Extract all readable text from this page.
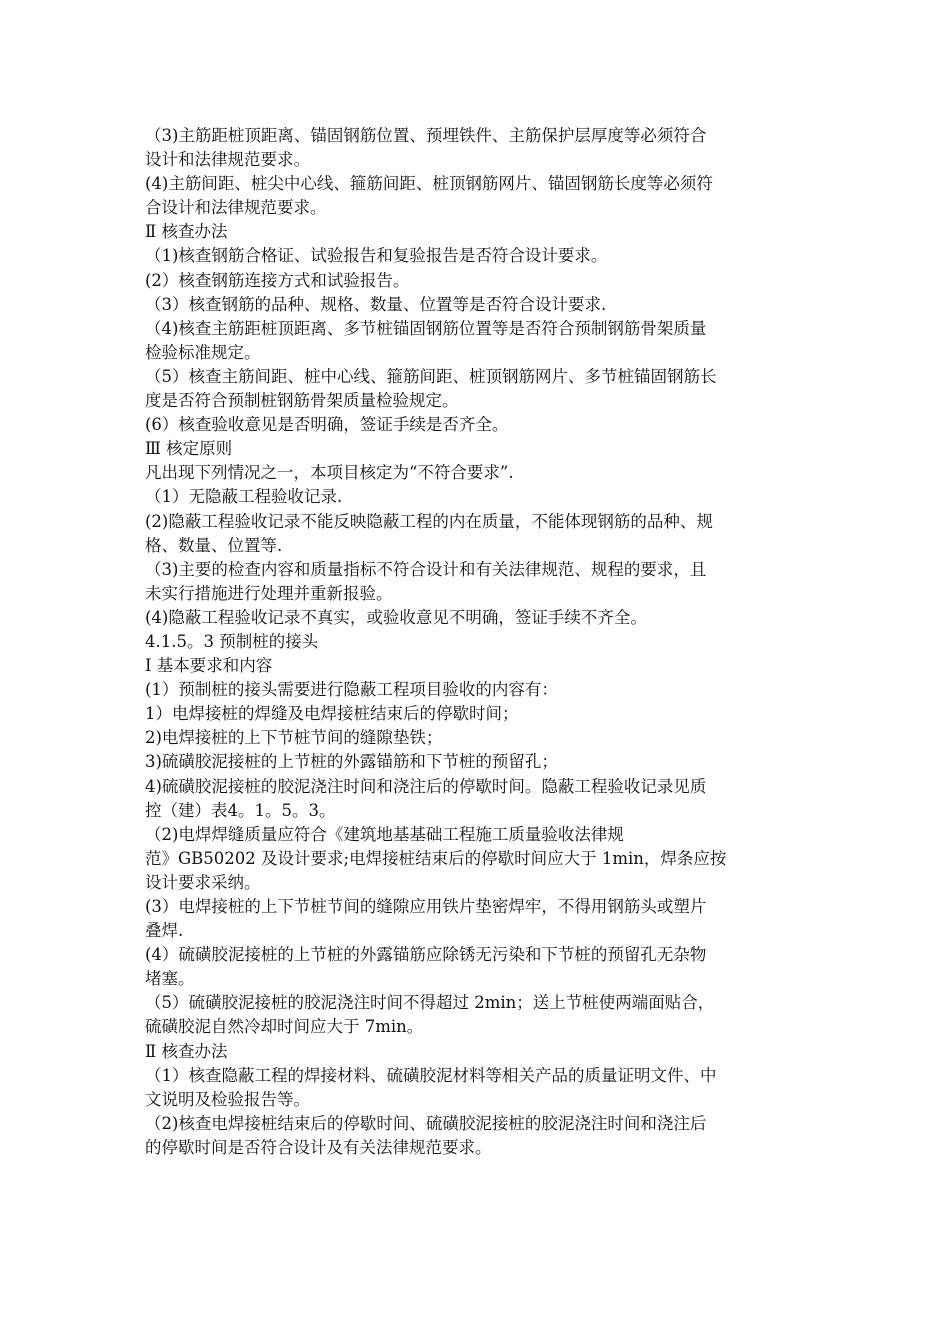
（3)主筋距桩顶距离、锚固钢筋位置、预埋铁件、主筋保护层厚度等必须符合
设计和法律规范要求。
(4)主筋间距、桩尖中心线、箍筋间距、桩顶钢筋网片、锚固钢筋长度等必须符
合设计和法律规范要求。
Ⅱ 核查办法
（1)核查钢筋合格证、试验报告和复验报告是否符合设计要求。
(2）核查钢筋连接方式和试验报告。
（3）核查钢筋的品种、规格、数量、位置等是否符合设计要求.
（4)核查主筋距桩顶距离、多节桩锚固钢筋位置等是否符合预制钢筋骨架质量
检验标准规定。
（5）核查主筋间距、桩中心线、箍筋间距、桩顶钢筋网片、多节桩锚固钢筋长
度是否符合预制桩钢筋骨架质量检验规定。
(6）核查验收意见是否明确，签证手续是否齐全。
Ⅲ 核定原则
凡出现下列情况之一，本项目核定为“不符合要求”.
（1）无隐蔽工程验收记录.
(2)隐蔽工程验收记录不能反映隐蔽工程的内在质量，不能体现钢筋的品种、规
格、数量、位置等.
（3)主要的检查内容和质量指标不符合设计和有关法律规范、规程的要求，且
未实行措施进行处理并重新报验。
(4)隐蔽工程验收记录不真实，或验收意见不明确，签证手续不齐全。
4.1.5。3 预制桩的接头
Ⅰ 基本要求和内容
(1）预制桩的接头需要进行隐蔽工程项目验收的内容有：
1）电焊接桩的焊缝及电焊接桩结束后的停歇时间；
2)电焊接桩的上下节桩节间的缝隙垫铁；
3)硫磺胶泥接桩的上节桩的外露锚筋和下节桩的预留孔；
4)硫磺胶泥接桩的胶泥浇注时间和浇注后的停歇时间。隐蔽工程验收记录见质
控（建）表4。1。5。3。
（2)电焊焊缝质量应符合《建筑地基基础工程施工质量验收法律规
范》GB50202 及设计要求;电焊接桩结束后的停歇时间应大于 1min，焊条应按
设计要求采纳。
(3）电焊接桩的上下节桩节间的缝隙应用铁片垫密焊牢，不得用钢筋头或塑片
叠焊.
(4）硫磺胶泥接桩的上节桩的外露锚筋应除锈无污染和下节桩的预留孔无杂物
堵塞。
（5）硫磺胶泥接桩的胶泥浇注时间不得超过 2min；送上节桩使两端面贴合，
硫磺胶泥自然冷却时间应大于 7min。
Ⅱ 核查办法
（1）核查隐蔽工程的焊接材料、硫磺胶泥材料等相关产品的质量证明文件、中
文说明及检验报告等。
（2)核查电焊接桩结束后的停歇时间、硫磺胶泥接桩的胶泥浇注时间和浇注后
的停歇时间是否符合设计及有关法律规范要求。
